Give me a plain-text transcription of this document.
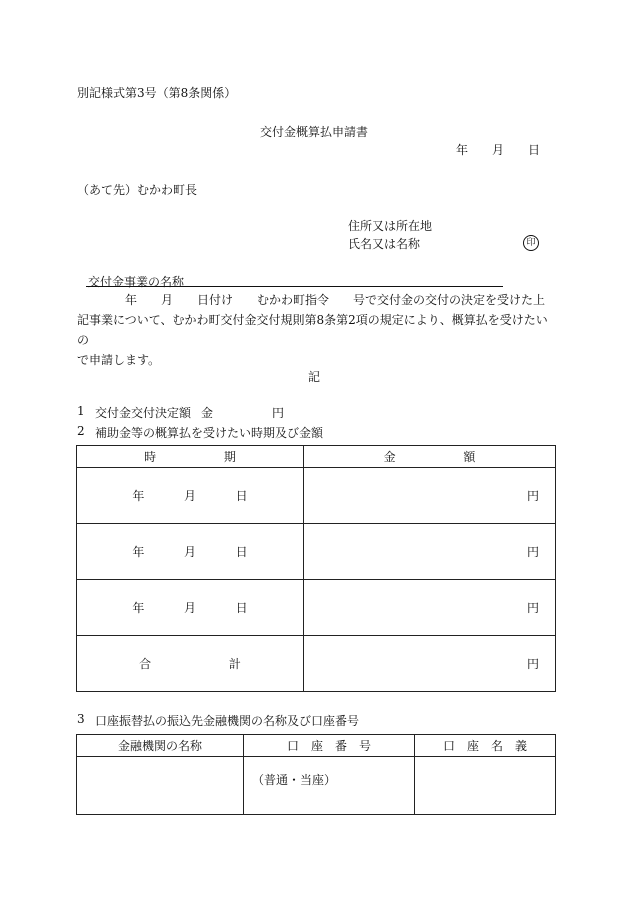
別記様式第3号（第8条関係）
交付金概算払申請書
年 月 日
（あて先） むかわ町長
住所又は所在地
氏名又は名称	印
交付金事業の名称
　　　　年　　月　　日付け　　むかわ町指令　　号で交付金の交付の決定を受けた上
記事業について、むかわ町交付金交付規則第8条第2項の規定により、概算払を受けたいの
で申請します。
記
1 交付金交付決定額 金	円
2 補助金等の概算払を受けたい時期及び金額
時 期	金 額
年 月 日	円
年 月 日	円
年 月 日	円
合 計	円
3 口座振替払の振込先金融機関の名称及び口座番号
金融機関の名称	口　座　番　号	口　座　名　義
	（普通・当座）	
